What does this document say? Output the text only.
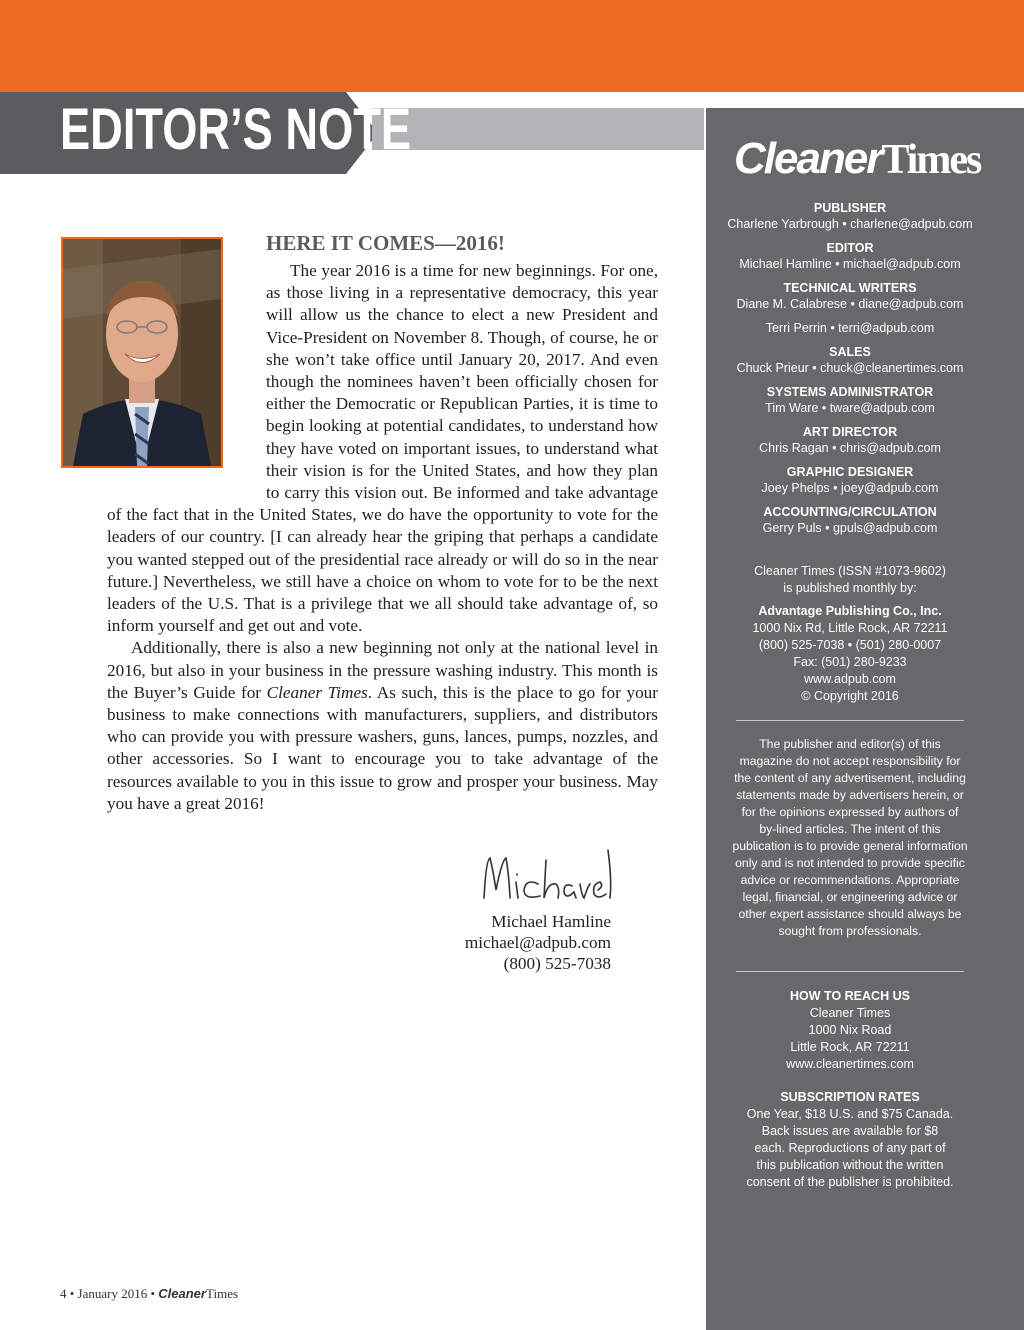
EDITOR’S NOTE
HERE IT COMES—2016!

The year 2016 is a time for new beginnings. For one, as those living in a representative democracy, this year will allow us the chance to elect a new President and Vice-President on November 8. Though, of course, he or she won’t take office until January 20, 2017. And even though the nominees haven’t been officially chosen for either the Democratic or Republican Parties, it is time to begin looking at potential candidates, to understand how they have voted on important issues, to understand what their vision is for the United States, and how they plan to carry this vision out. Be informed and take advantage of the fact that in the United States, we do have the opportunity to vote for the leaders of our country. [I can already hear the griping that perhaps a candidate you wanted stepped out of the presidential race already or will do so in the near future.] Nevertheless, we still have a choice on whom to vote for to be the next leaders of the U.S. That is a privilege that we all should take advantage of, so inform yourself and get out and vote.

Additionally, there is also a new beginning not only at the national level in 2016, but also in your business in the pressure washing industry. This month is the Buyer’s Guide for Cleaner Times. As such, this is the place to go for your business to make connections with manufacturers, suppliers, and distributors who can provide you with pressure washers, guns, lances, pumps, nozzles, and other accessories. So I want to encourage you to take advantage of the resources available to you in this issue to grow and prosper your business. May you have a great 2016!

Michael Hamline
michael@adpub.com
(800) 525-7038
CleanerTimes
PUBLISHER
Charlene Yarbrough • charlene@adpub.com
EDITOR
Michael Hamline • michael@adpub.com
TECHNICAL WRITERS
Diane M. Calabrese • diane@adpub.com
Terri Perrin • terri@adpub.com
SALES
Chuck Prieur • chuck@cleanertimes.com
SYSTEMS ADMINISTRATOR
Tim Ware • tware@adpub.com
ART DIRECTOR
Chris Ragan • chris@adpub.com
GRAPHIC DESIGNER
Joey Phelps • joey@adpub.com
ACCOUNTING/CIRCULATION
Gerry Puls • gpuls@adpub.com
Cleaner Times (ISSN #1073-9602)
is published monthly by:
Advantage Publishing Co., Inc.
1000 Nix Rd, Little Rock, AR 72211
(800) 525-7038 • (501) 280-0007
Fax: (501) 280-9233
www.adpub.com
© Copyright 2016
The publisher and editor(s) of this magazine do not accept responsibility for the content of any advertisement, including statements made by advertisers herein, or for the opinions expressed by authors of by-lined articles. The intent of this publication is to provide general information only and is not intended to provide specific advice or recommendations. Appropriate legal, financial, or engineering advice or other expert assistance should always be sought from professionals.
HOW TO REACH US
Cleaner Times
1000 Nix Road
Little Rock, AR 72211
www.cleanertimes.com
SUBSCRIPTION RATES
One Year, $18 U.S. and $75 Canada. Back issues are available for $8 each. Reproductions of any part of this publication without the written consent of the publisher is prohibited.
4 • January 2016 • CleanerTimes
